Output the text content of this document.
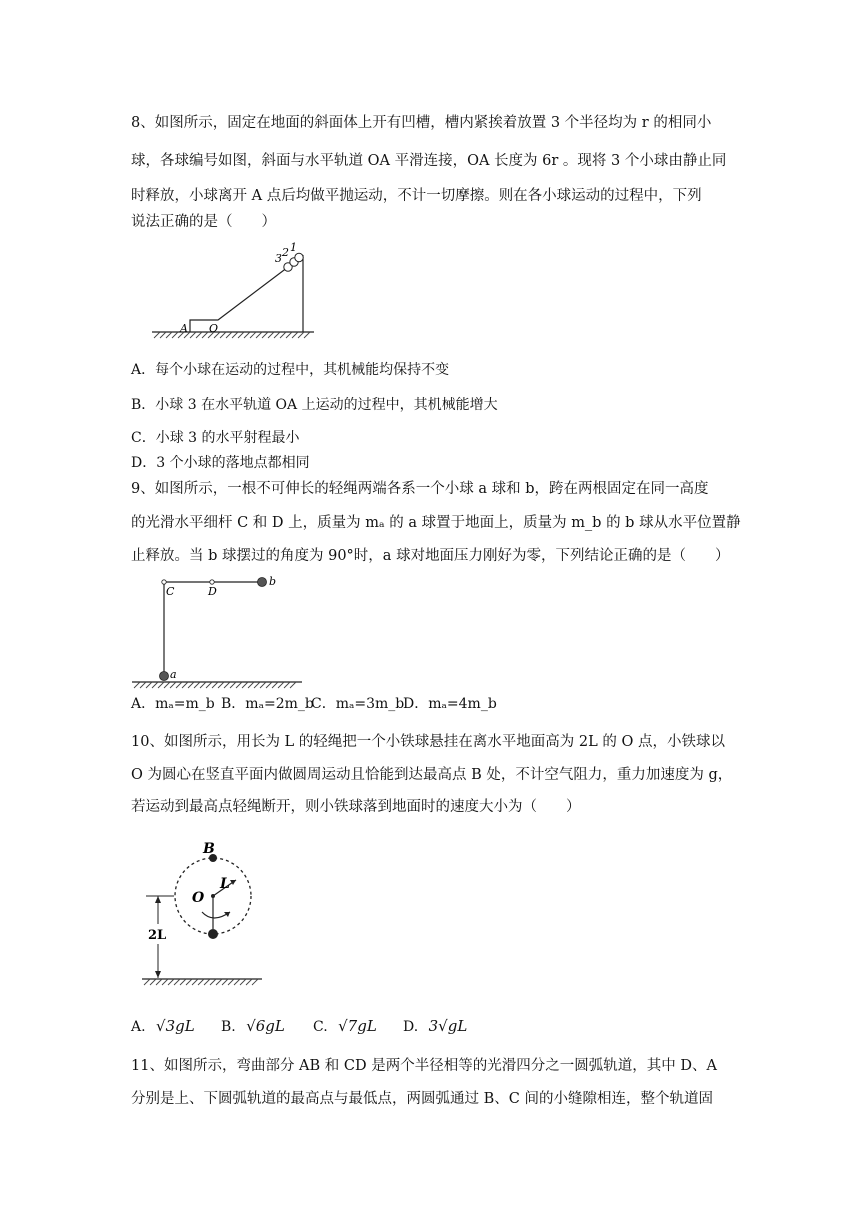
8、如图所示，固定在地面的斜面体上开有凹槽，槽内紧挨着放置 3 个半径均为 r 的相同小
球，各球编号如图，斜面与水平轨道 OA 平滑连接，OA 长度为 6r 。现将 3 个小球由静止同
时释放，小球离开 A 点后均做平抛运动，不计一切摩擦。则在各小球运动的过程中，下列
说法正确的是（　　）
3 2 1
A O
A．每个小球在运动的过程中，其机械能均保持不变
B．小球 3 在水平轨道 OA 上运动的过程中，其机械能增大
C．小球 3 的水平射程最小
D．3 个小球的落地点都相同
9、如图所示，一根不可伸长的轻绳两端各系一个小球 a 球和 b，跨在两根固定在同一高度
的光滑水平细杆 C 和 D 上，质量为 mₐ 的 a 球置于地面上，质量为 m_b 的 b 球从水平位置静
止释放。当 b 球摆过的角度为 90°时，a 球对地面压力刚好为零，下列结论正确的是（　　）
C	D
a
b
A．mₐ=m_b B．mₐ=2m_b
C．mₐ=3m_b
D．mₐ=4m_b
10、如图所示，用长为 L 的轻绳把一个小铁球悬挂在离水平地面高为 2L 的 O 点，小铁球以
O 为圆心在竖直平面内做圆周运动且恰能到达最高点 B 处，不计空气阻力，重力加速度为 g，
若运动到最高点轻绳断开，则小铁球落到地面时的速度大小为（　　）
B
L
O
2L
A. √3gL B. √6gL C. √7gL D. 3√gL
11、如图所示，弯曲部分 AB 和 CD 是两个半径相等的光滑四分之一圆弧轨道，其中 D、A
分别是上、下圆弧轨道的最高点与最低点，两圆弧通过 B、C 间的小缝隙相连，整个轨道固
